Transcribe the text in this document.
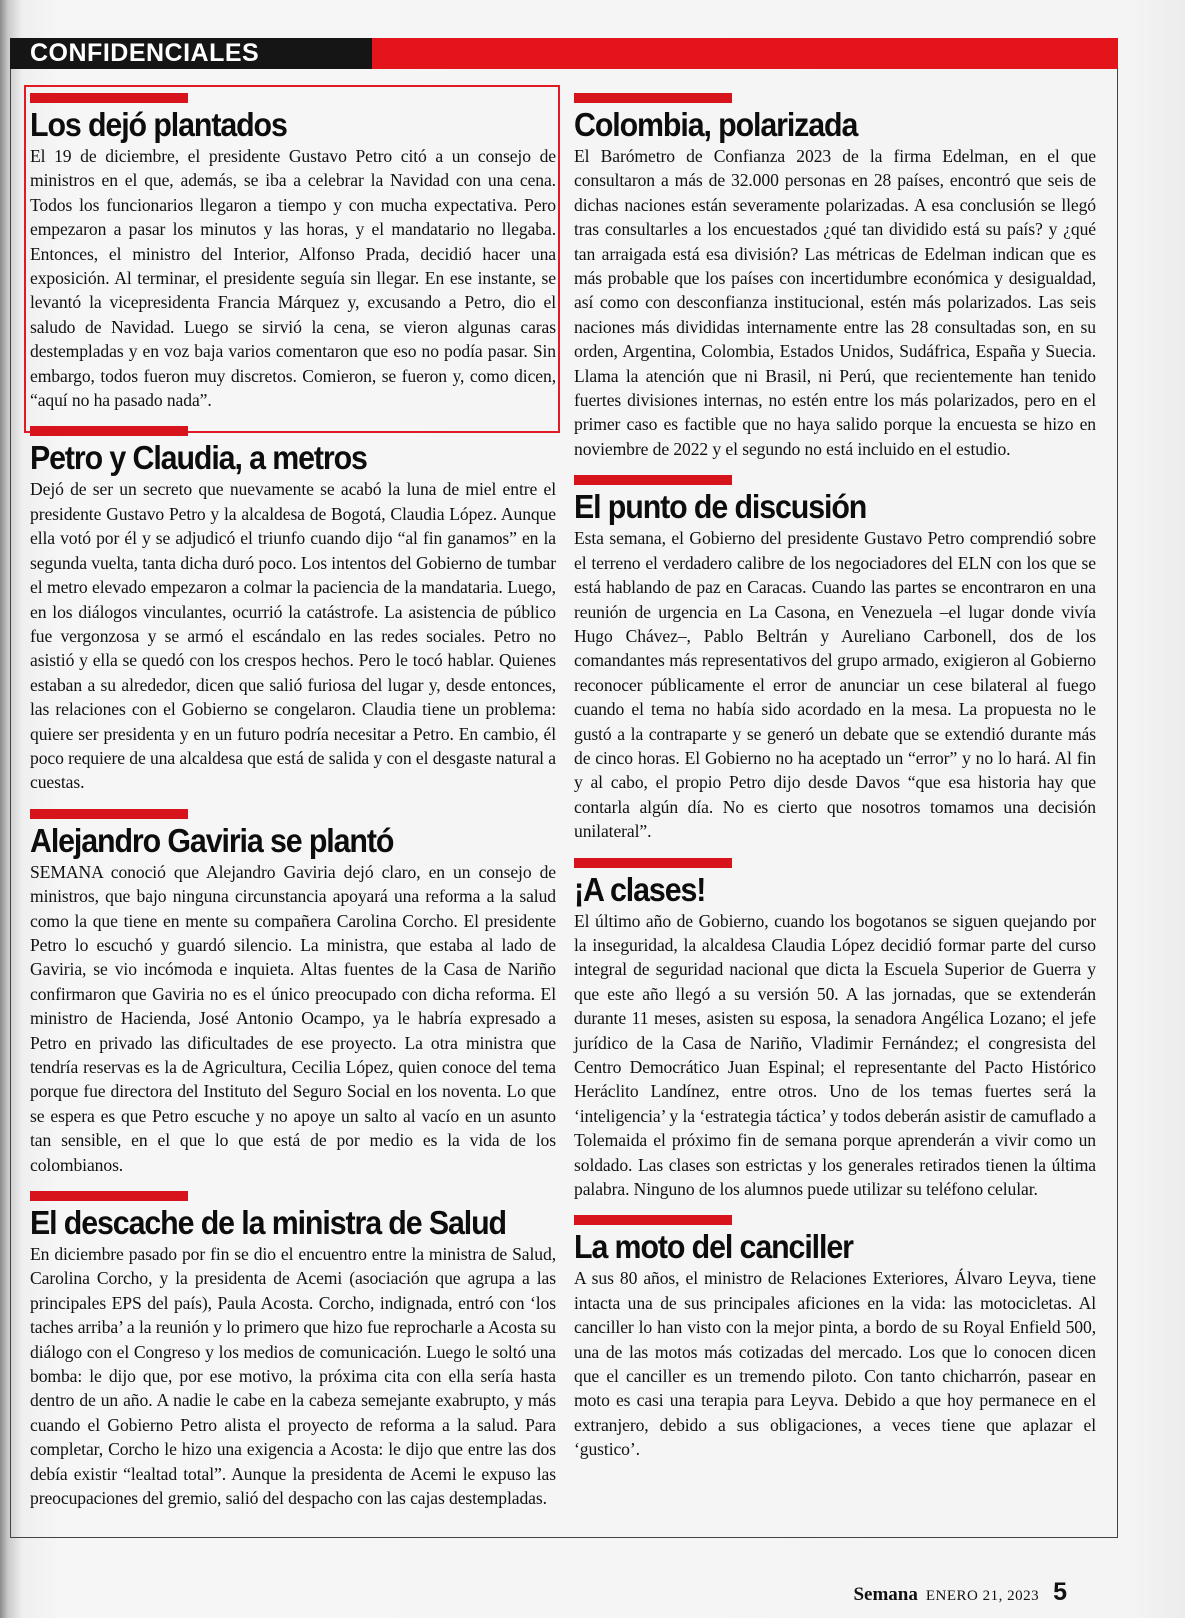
CONFIDENCIALES
Los dejó plantados

El 19 de diciembre, el presidente Gustavo Petro citó a un consejo de ministros en el que, además, se iba a celebrar la Navidad con una cena. Todos los funcionarios llegaron a tiempo y con mucha expectativa. Pero empezaron a pasar los minutos y las horas, y el mandatario no llegaba. Entonces, el ministro del Interior, Alfonso Prada, decidió hacer una exposición. Al terminar, el presidente seguía sin llegar. En ese instante, se levantó la vicepresidenta Francia Márquez y, excusando a Petro, dio el saludo de Navidad. Luego se sirvió la cena, se vieron algunas caras destempladas y en voz baja varios comentaron que eso no podía pasar. Sin embargo, todos fueron muy discretos. Comieron, se fueron y, como dicen, “aquí no ha pasado nada”.

Petro y Claudia, a metros

Dejó de ser un secreto que nuevamente se acabó la luna de miel entre el presidente Gustavo Petro y la alcaldesa de Bogotá, Claudia López. Aunque ella votó por él y se adjudicó el triunfo cuando dijo “al fin ganamos” en la segunda vuelta, tanta dicha duró poco. Los intentos del Gobierno de tumbar el metro elevado empezaron a colmar la paciencia de la mandataria. Luego, en los diálogos vinculantes, ocurrió la catástrofe. La asistencia de público fue vergonzosa y se armó el escándalo en las redes sociales. Petro no asistió y ella se quedó con los crespos hechos. Pero le tocó hablar. Quienes estaban a su alrededor, dicen que salió furiosa del lugar y, desde entonces, las relaciones con el Gobierno se congelaron. Claudia tiene un problema: quiere ser presidenta y en un futuro podría necesitar a Petro. En cambio, él poco requiere de una alcaldesa que está de salida y con el desgaste natural a cuestas.

Alejandro Gaviria se plantó

SEMANA conoció que Alejandro Gaviria dejó claro, en un consejo de ministros, que bajo ninguna circunstancia apoyará una reforma a la salud como la que tiene en mente su compañera Carolina Corcho. El presidente Petro lo escuchó y guardó silencio. La ministra, que estaba al lado de Gaviria, se vio incómoda e inquieta. Altas fuentes de la Casa de Nariño confirmaron que Gaviria no es el único preocupado con dicha reforma. El ministro de Hacienda, José Antonio Ocampo, ya le habría expresado a Petro en privado las dificultades de ese proyecto. La otra ministra que tendría reservas es la de Agricultura, Cecilia López, quien conoce del tema porque fue directora del Instituto del Seguro Social en los noventa. Lo que se espera es que Petro escuche y no apoye un salto al vacío en un asunto tan sensible, en el que lo que está de por medio es la vida de los colombianos.

El descache de la ministra de Salud

En diciembre pasado por fin se dio el encuentro entre la ministra de Salud, Carolina Corcho, y la presidenta de Acemi (asociación que agrupa a las principales EPS del país), Paula Acosta. Corcho, indignada, entró con ‘los taches arriba’ a la reunión y lo primero que hizo fue reprocharle a Acosta su diálogo con el Congreso y los medios de comunicación. Luego le soltó una bomba: le dijo que, por ese motivo, la próxima cita con ella sería hasta dentro de un año. A nadie le cabe en la cabeza semejante exabrupto, y más cuando el Gobierno Petro alista el proyecto de reforma a la salud. Para completar, Corcho le hizo una exigencia a Acosta: le dijo que entre las dos debía existir “lealtad total”. Aunque la presidenta de Acemi le expuso las preocupaciones del gremio, salió del despacho con las cajas destempladas.

Colombia, polarizada

El Barómetro de Confianza 2023 de la firma Edelman, en el que consultaron a más de 32.000 personas en 28 países, encontró que seis de dichas naciones están severamente polarizadas. A esa conclusión se llegó tras consultarles a los encuestados ¿qué tan dividido está su país? y ¿qué tan arraigada está esa división? Las métricas de Edelman indican que es más probable que los países con incertidumbre económica y desigualdad, así como con desconfianza institucional, estén más polarizados. Las seis naciones más divididas internamente entre las 28 consultadas son, en su orden, Argentina, Colombia, Estados Unidos, Sudáfrica, España y Suecia. Llama la atención que ni Brasil, ni Perú, que recientemente han tenido fuertes divisiones internas, no estén entre los más polarizados, pero en el primer caso es factible que no haya salido porque la encuesta se hizo en noviembre de 2022 y el segundo no está incluido en el estudio.

El punto de discusión

Esta semana, el Gobierno del presidente Gustavo Petro comprendió sobre el terreno el verdadero calibre de los negociadores del ELN con los que se está hablando de paz en Caracas. Cuando las partes se encontraron en una reunión de urgencia en La Casona, en Venezuela –el lugar donde vivía Hugo Chávez–, Pablo Beltrán y Aureliano Carbonell, dos de los comandantes más representativos del grupo armado, exigieron al Gobierno reconocer públicamente el error de anunciar un cese bilateral al fuego cuando el tema no había sido acordado en la mesa. La propuesta no le gustó a la contraparte y se generó un debate que se extendió durante más de cinco horas. El Gobierno no ha aceptado un “error” y no lo hará. Al fin y al cabo, el propio Petro dijo desde Davos “que esa historia hay que contarla algún día. No es cierto que nosotros tomamos una decisión unilateral”.

¡A clases!

El último año de Gobierno, cuando los bogotanos se siguen quejando por la inseguridad, la alcaldesa Claudia López decidió formar parte del curso integral de seguridad nacional que dicta la Escuela Superior de Guerra y que este año llegó a su versión 50. A las jornadas, que se extenderán durante 11 meses, asisten su esposa, la senadora Angélica Lozano; el jefe jurídico de la Casa de Nariño, Vladimir Fernández; el congresista del Centro Democrático Juan Espinal; el representante del Pacto Histórico Heráclito Landínez, entre otros. Uno de los temas fuertes será la ‘inteligencia’ y la ‘estrategia táctica’ y todos deberán asistir de camuflado a Tolemaida el próximo fin de semana porque aprenderán a vivir como un soldado. Las clases son estrictas y los generales retirados tienen la última palabra. Ninguno de los alumnos puede utilizar su teléfono celular.

La moto del canciller

A sus 80 años, el ministro de Relaciones Exteriores, Álvaro Leyva, tiene intacta una de sus principales aficiones en la vida: las motocicletas. Al canciller lo han visto con la mejor pinta, a bordo de su Royal Enfield 500, una de las motos más cotizadas del mercado. Los que lo conocen dicen que el canciller es un tremendo piloto. Con tanto chicharrón, pasear en moto es casi una terapia para Leyva. Debido a que hoy permanece en el extranjero, debido a sus obligaciones, a veces tiene que aplazar el ‘gustico’.

Semana ENERO 21, 2023 5
